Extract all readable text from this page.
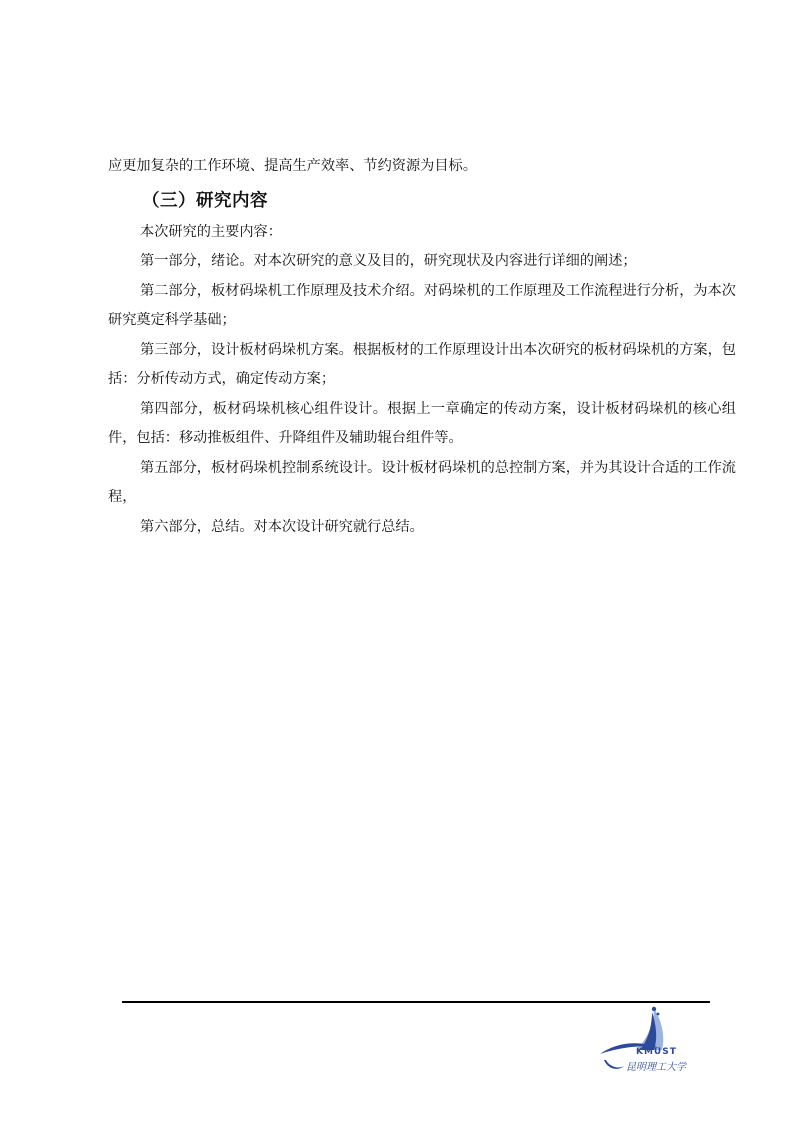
应更加复杂的工作环境、提高生产效率、节约资源为目标。

（三）研究内容

本次研究的主要内容：

第一部分，绪论。对本次研究的意义及目的，研究现状及内容进行详细的阐述；

第二部分，板材码垛机工作原理及技术介绍。对码垛机的工作原理及工作流程进行分析，为本次研究奠定科学基础；

第三部分，设计板材码垛机方案。根据板材的工作原理设计出本次研究的板材码垛机的方案，包括：分析传动方式，确定传动方案；

第四部分，板材码垛机核心组件设计。根据上一章确定的传动方案，设计板材码垛机的核心组件，包括：移动推板组件、升降组件及辅助辊台组件等。

第五部分，板材码垛机控制系统设计。设计板材码垛机的总控制方案，并为其设计合适的工作流程，

第六部分，总结。对本次设计研究就行总结。

KMUST
昆明理工大学
